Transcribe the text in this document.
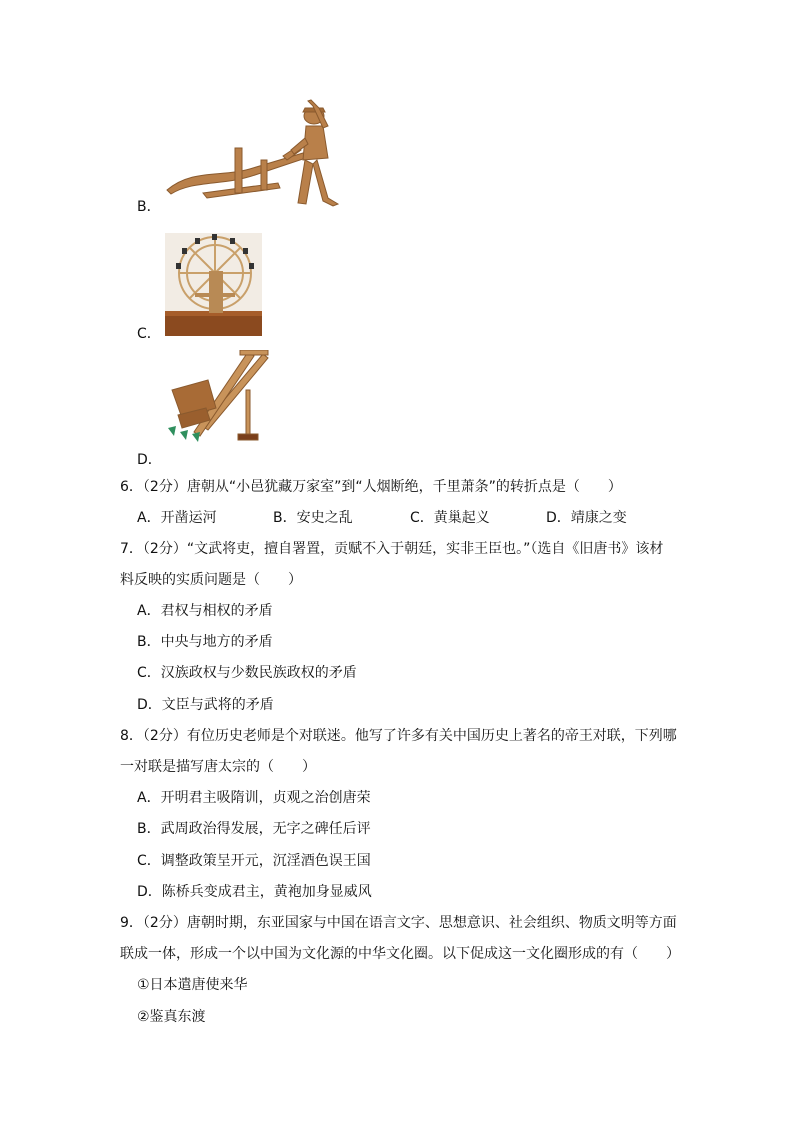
B．
C．
D．
6．（2分）唐朝从“小邑犹藏万家室”到“人烟断绝，千里萧条”的转折点是（　　）
A．开凿运河	B．安史之乱	C．黄巢起义	D．靖康之变
7．（2分）“文武将吏，擅自署置，贡赋不入于朝廷，实非王臣也。”（选自《旧唐书》该材
料反映的实质问题是（　　）
A．君权与相权的矛盾
B．中央与地方的矛盾
C．汉族政权与少数民族政权的矛盾
D．文臣与武将的矛盾
8．（2分）有位历史老师是个对联迷。他写了许多有关中国历史上著名的帝王对联，下列哪
一对联是描写唐太宗的（　　）
A．开明君主吸隋训，贞观之治创唐荣
B．武周政治得发展，无字之碑任后评
C．调整政策呈开元，沉淫酒色误王国
D．陈桥兵变成君主，黄袍加身显威风
9．（2分）唐朝时期，东亚国家与中国在语言文字、思想意识、社会组织、物质文明等方面
联成一体，形成一个以中国为文化源的中华文化圈。以下促成这一文化圈形成的有（　　）
①日本遣唐使来华
②鉴真东渡
